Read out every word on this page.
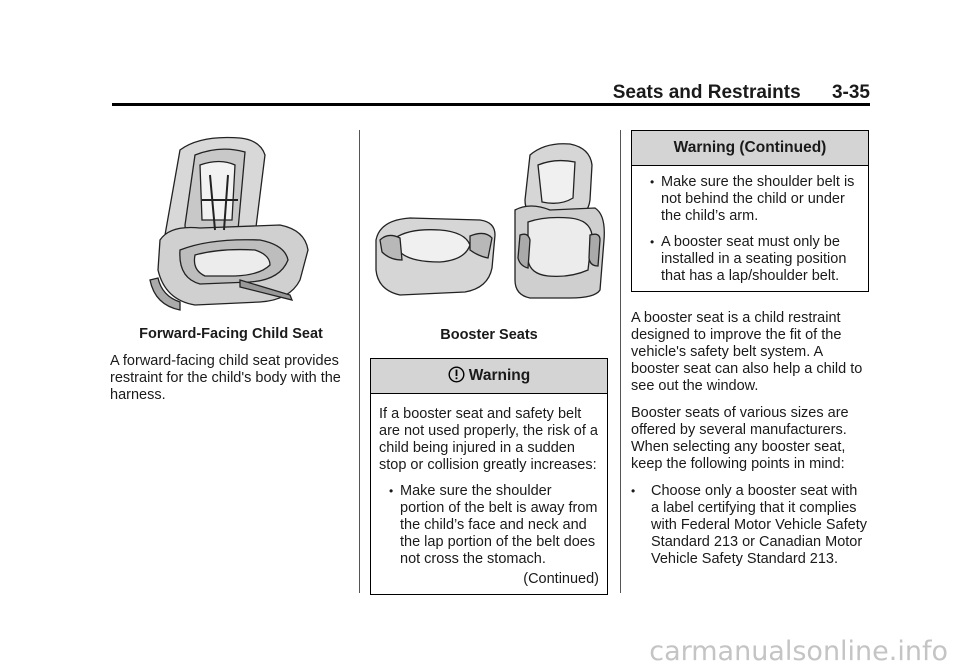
Seats and Restraints 3-35
Forward-Facing Child Seat

A forward-facing child seat provides restraint for the child's body with the harness.

Booster Seats
Warning

If a booster seat and safety belt are not used properly, the risk of a child being injured in a sudden stop or collision greatly increases:

• Make sure the shoulder portion of the belt is away from the child’s face and neck and the lap portion of the belt does not cross the stomach.
(Continued)
Warning (Continued)
• Make sure the shoulder belt is not behind the child or under the child’s arm.
• A booster seat must only be installed in a seating position that has a lap/shoulder belt.

A booster seat is a child restraint designed to improve the fit of the vehicle's safety belt system. A booster seat can also help a child to see out the window.

Booster seats of various sizes are offered by several manufacturers. When selecting any booster seat, keep the following points in mind:

• Choose only a booster seat with a label certifying that it complies with Federal Motor Vehicle Safety Standard 213 or Canadian Motor Vehicle Safety Standard 213.
carmanualsonline.info
